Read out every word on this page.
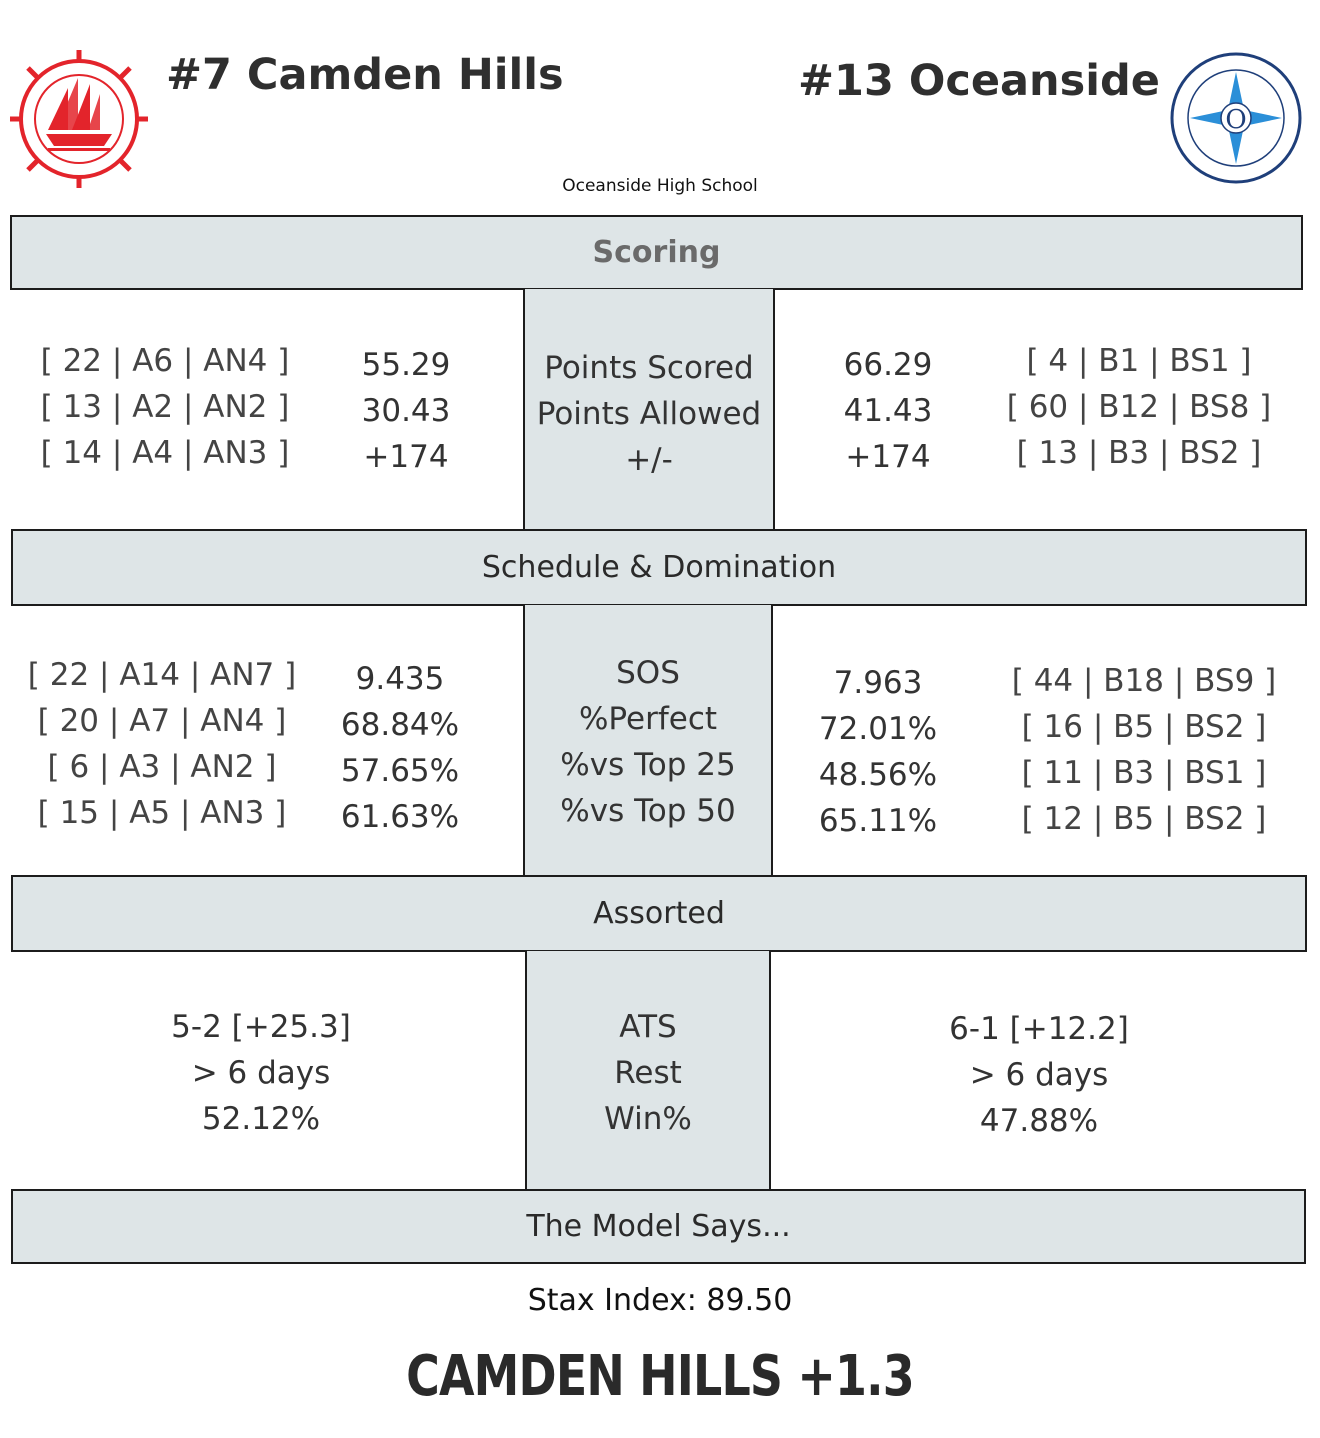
#7 Camden Hills	#13 Oceanside
O
Oceanside High School
Scoring
[ 22 | A6 | AN4 ]
[ 13 | A2 | AN2 ]
[ 14 | A4 | AN3 ]
55.29
30.43
+174
Points Scored
Points Allowed
+/-
66.29
41.43
+174
[ 4 | B1 | BS1 ]
[ 60 | B12 | BS8 ]
[ 13 | B3 | BS2 ]
Schedule & Domination
[ 22 | A14 | AN7 ]
[ 20 | A7 | AN4 ]
[ 6 | A3 | AN2 ]
[ 15 | A5 | AN3 ]
9.435
68.84%
57.65%
61.63%
SOS
%Perfect
%vs Top 25
%vs Top 50
7.963
72.01%
48.56%
65.11%
[ 44 | B18 | BS9 ]
[ 16 | B5 | BS2 ]
[ 11 | B3 | BS1 ]
[ 12 | B5 | BS2 ]
Assorted
5-2 [+25.3]
> 6 days
52.12%
ATS
Rest
Win%
6-1 [+12.2]
> 6 days
47.88%
The Model Says...
Stax Index: 89.50
CAMDEN HILLS +1.3
